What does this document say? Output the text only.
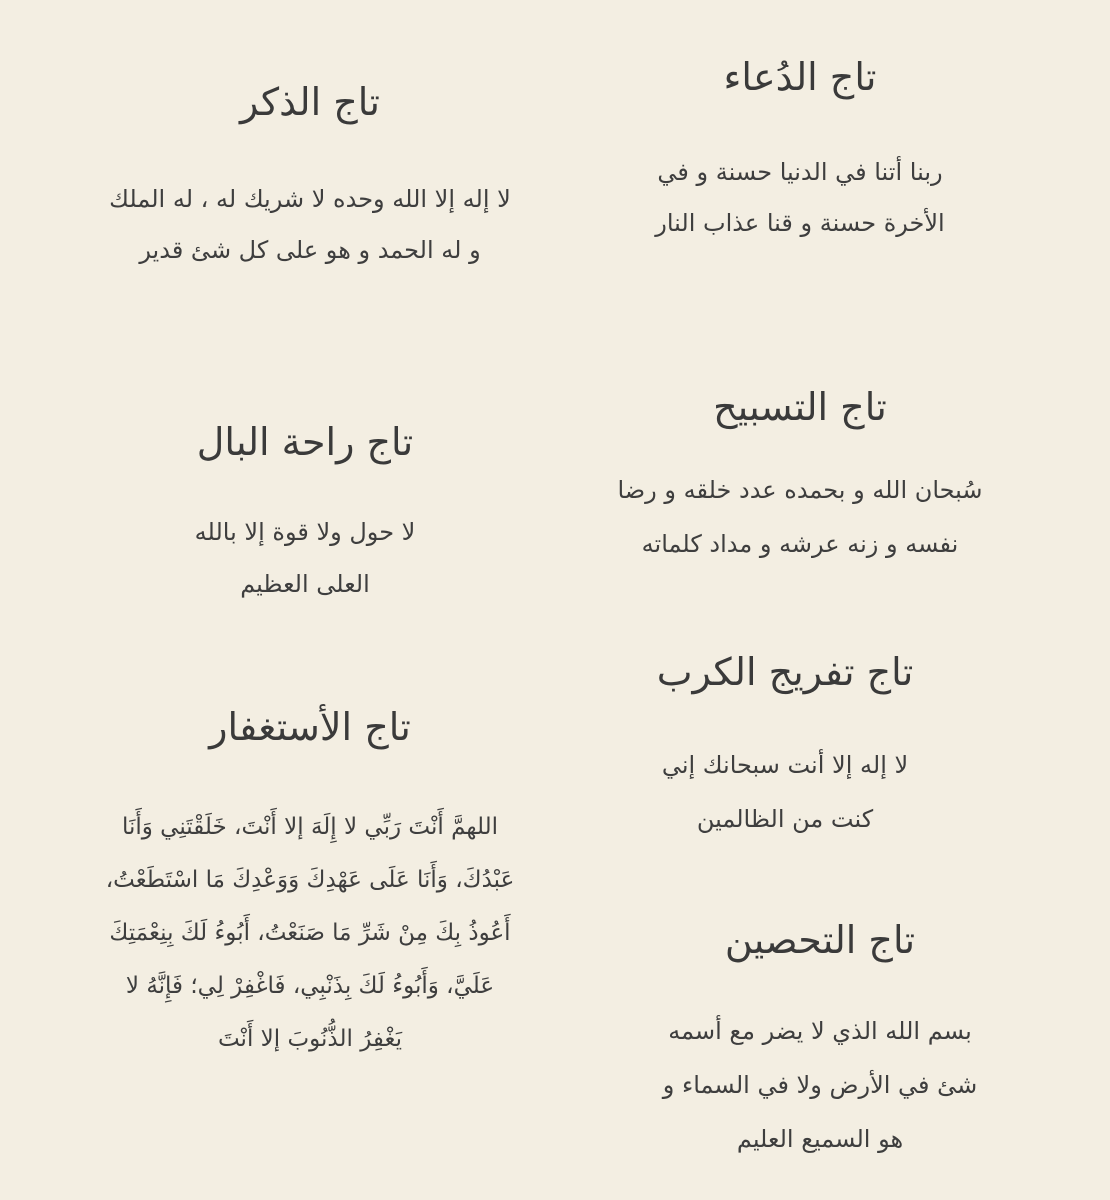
تاج الدُعاء

ربنا أتنا في الدنيا حسنة و في
الأخرة حسنة و قنا عذاب النار

تاج الذكر

لا إله إلا الله وحده لا شريك له ، له الملك
و له الحمد و هو على كل شئ قدير

تاج التسبيح

سُبحان الله و بحمده عدد خلقه و رضا
نفسه و زنه عرشه و مداد كلماته

تاج راحة البال

لا حول ولا قوة إلا بالله
العلى العظيم

تاج تفريج الكرب

لا إله إلا أنت سبحانك إني
كنت من الظالمين

تاج الأستغفار

اللهمَّ أَنْتَ رَبِّي لا إِلَهَ إلا أَنْتَ، خَلَقْتَنِي وَأَنَا
عَبْدُكَ، وَأَنَا عَلَى عَهْدِكَ وَوَعْدِكَ مَا اسْتَطَعْتُ،
أَعُوذُ بِكَ مِنْ شَرِّ مَا صَنَعْتُ، أَبُوءُ لَكَ بِنِعْمَتِكَ
عَلَيَّ، وَأَبُوءُ لَكَ بِذَنْبِي، فَاغْفِرْ لِي؛ فَإِنَّهُ لا
يَغْفِرُ الذُّنُوبَ إلا أَنْتَ

تاج التحصين

بسم الله الذي لا يضر مع أسمه
شئ في الأرض ولا في السماء و
هو السميع العليم
